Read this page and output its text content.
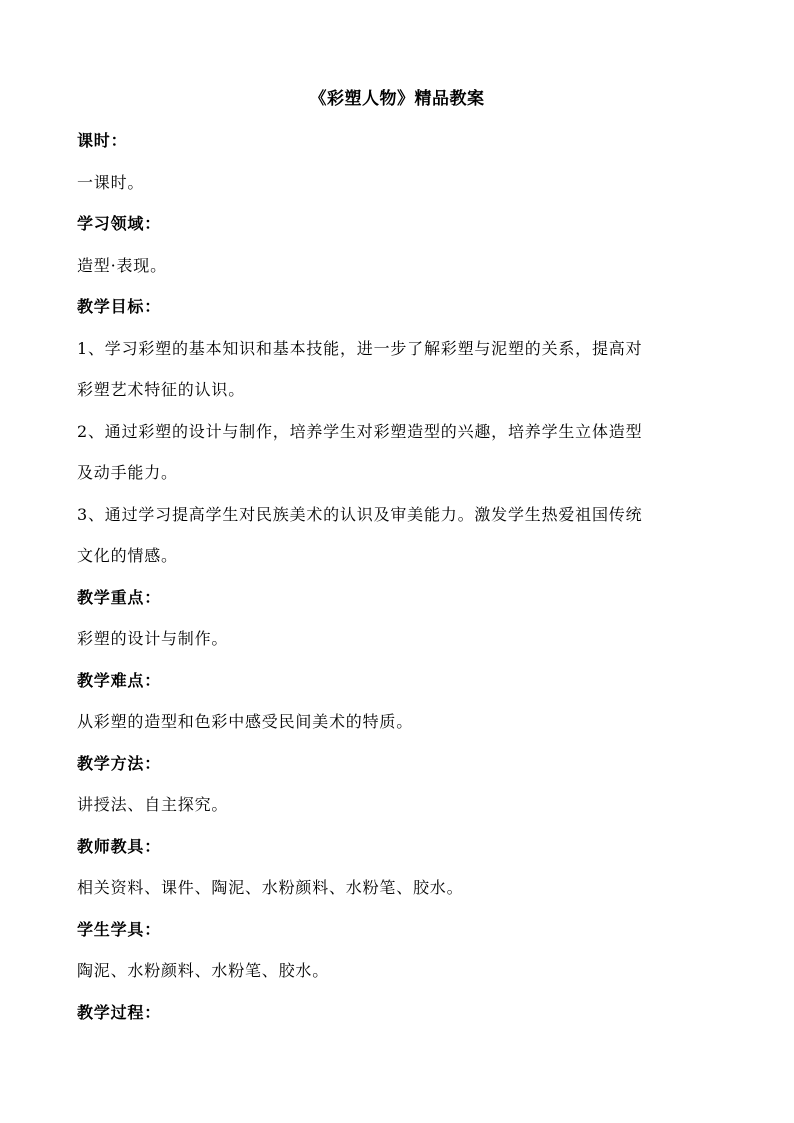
《彩塑人物》精品教案
课时：
一课时。
学习领域：
造型·表现。
教学目标：
1、学习彩塑的基本知识和基本技能，进一步了解彩塑与泥塑的关系，提高对
彩塑艺术特征的认识。
2、通过彩塑的设计与制作，培养学生对彩塑造型的兴趣，培养学生立体造型
及动手能力。
3、通过学习提高学生对民族美术的认识及审美能力。激发学生热爱祖国传统
文化的情感。
教学重点：
彩塑的设计与制作。
教学难点：
从彩塑的造型和色彩中感受民间美术的特质。
教学方法：
讲授法、自主探究。
教师教具：
相关资料、课件、陶泥、水粉颜料、水粉笔、胶水。
学生学具：
陶泥、水粉颜料、水粉笔、胶水。
教学过程：
